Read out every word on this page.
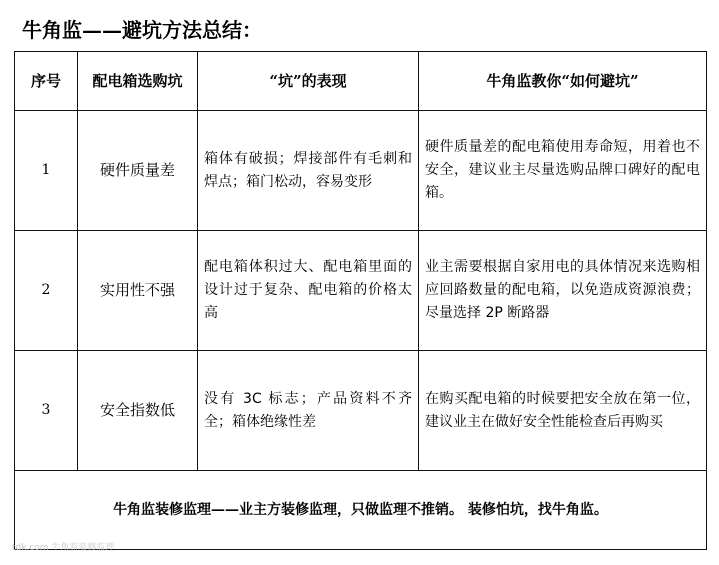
牛角监——避坑方法总结：
序号	配电箱选购坑	“坑”的表现	牛角监教你“如何避坑”
1	硬件质量差	箱体有破损；焊接部件有毛刺和焊点；箱门松动，容易变形	硬件质量差的配电箱使用寿命短，用着也不安全，建议业主尽量选购品牌口碑好的配电箱。
2	实用性不强	配电箱体积过大、配电箱里面的设计过于复杂、配电箱的价格太高	业主需要根据自家用电的具体情况来选购相应回路数量的配电箱，以免造成资源浪费；尽量选择 2P 断路器
3	安全指数低	没有 3C 标志；产品资料不齐全；箱体绝缘性差	在购买配电箱的时候要把安全放在第一位，建议业主在做好安全性能检查后再购买
牛角监装修监理——业主方装修监理，只做监理不推销。 装修怕坑，找牛角监。			
tdk.com 牛角监装修监理
